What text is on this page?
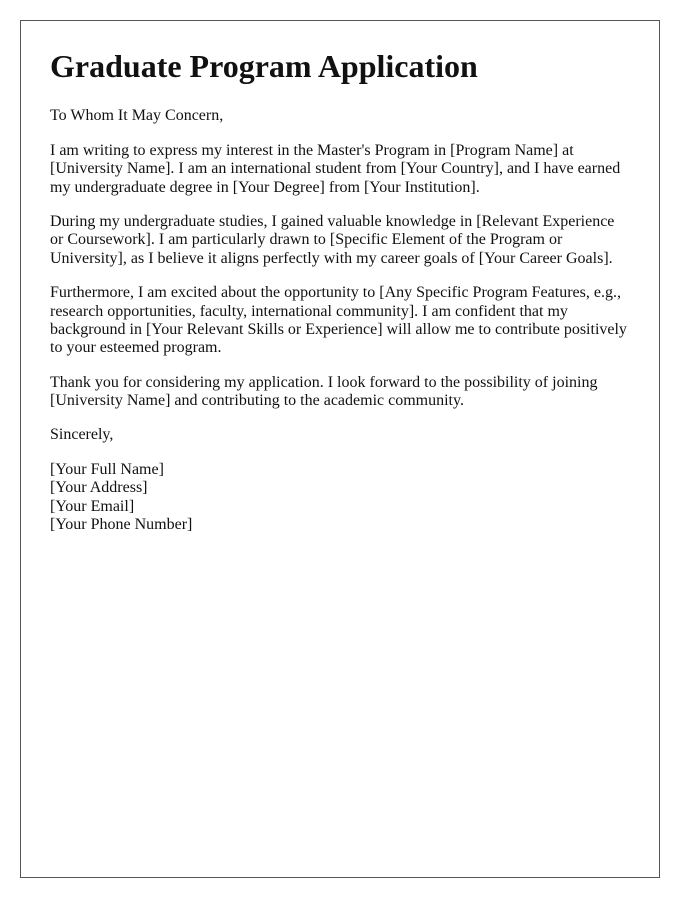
Graduate Program Application

To Whom It May Concern,

I am writing to express my interest in the Master's Program in [Program Name] at [University Name]. I am an international student from [Your Country], and I have earned my undergraduate degree in [Your Degree] from [Your Institution].

During my undergraduate studies, I gained valuable knowledge in [Relevant Experience or Coursework]. I am particularly drawn to [Specific Element of the Program or University], as I believe it aligns perfectly with my career goals of [Your Career Goals].

Furthermore, I am excited about the opportunity to [Any Specific Program Features, e.g., research opportunities, faculty, international community]. I am confident that my background in [Your Relevant Skills or Experience] will allow me to contribute positively to your esteemed program.

Thank you for considering my application. I look forward to the possibility of joining [University Name] and contributing to the academic community.

Sincerely,

[Your Full Name]
[Your Address]
[Your Email]
[Your Phone Number]
